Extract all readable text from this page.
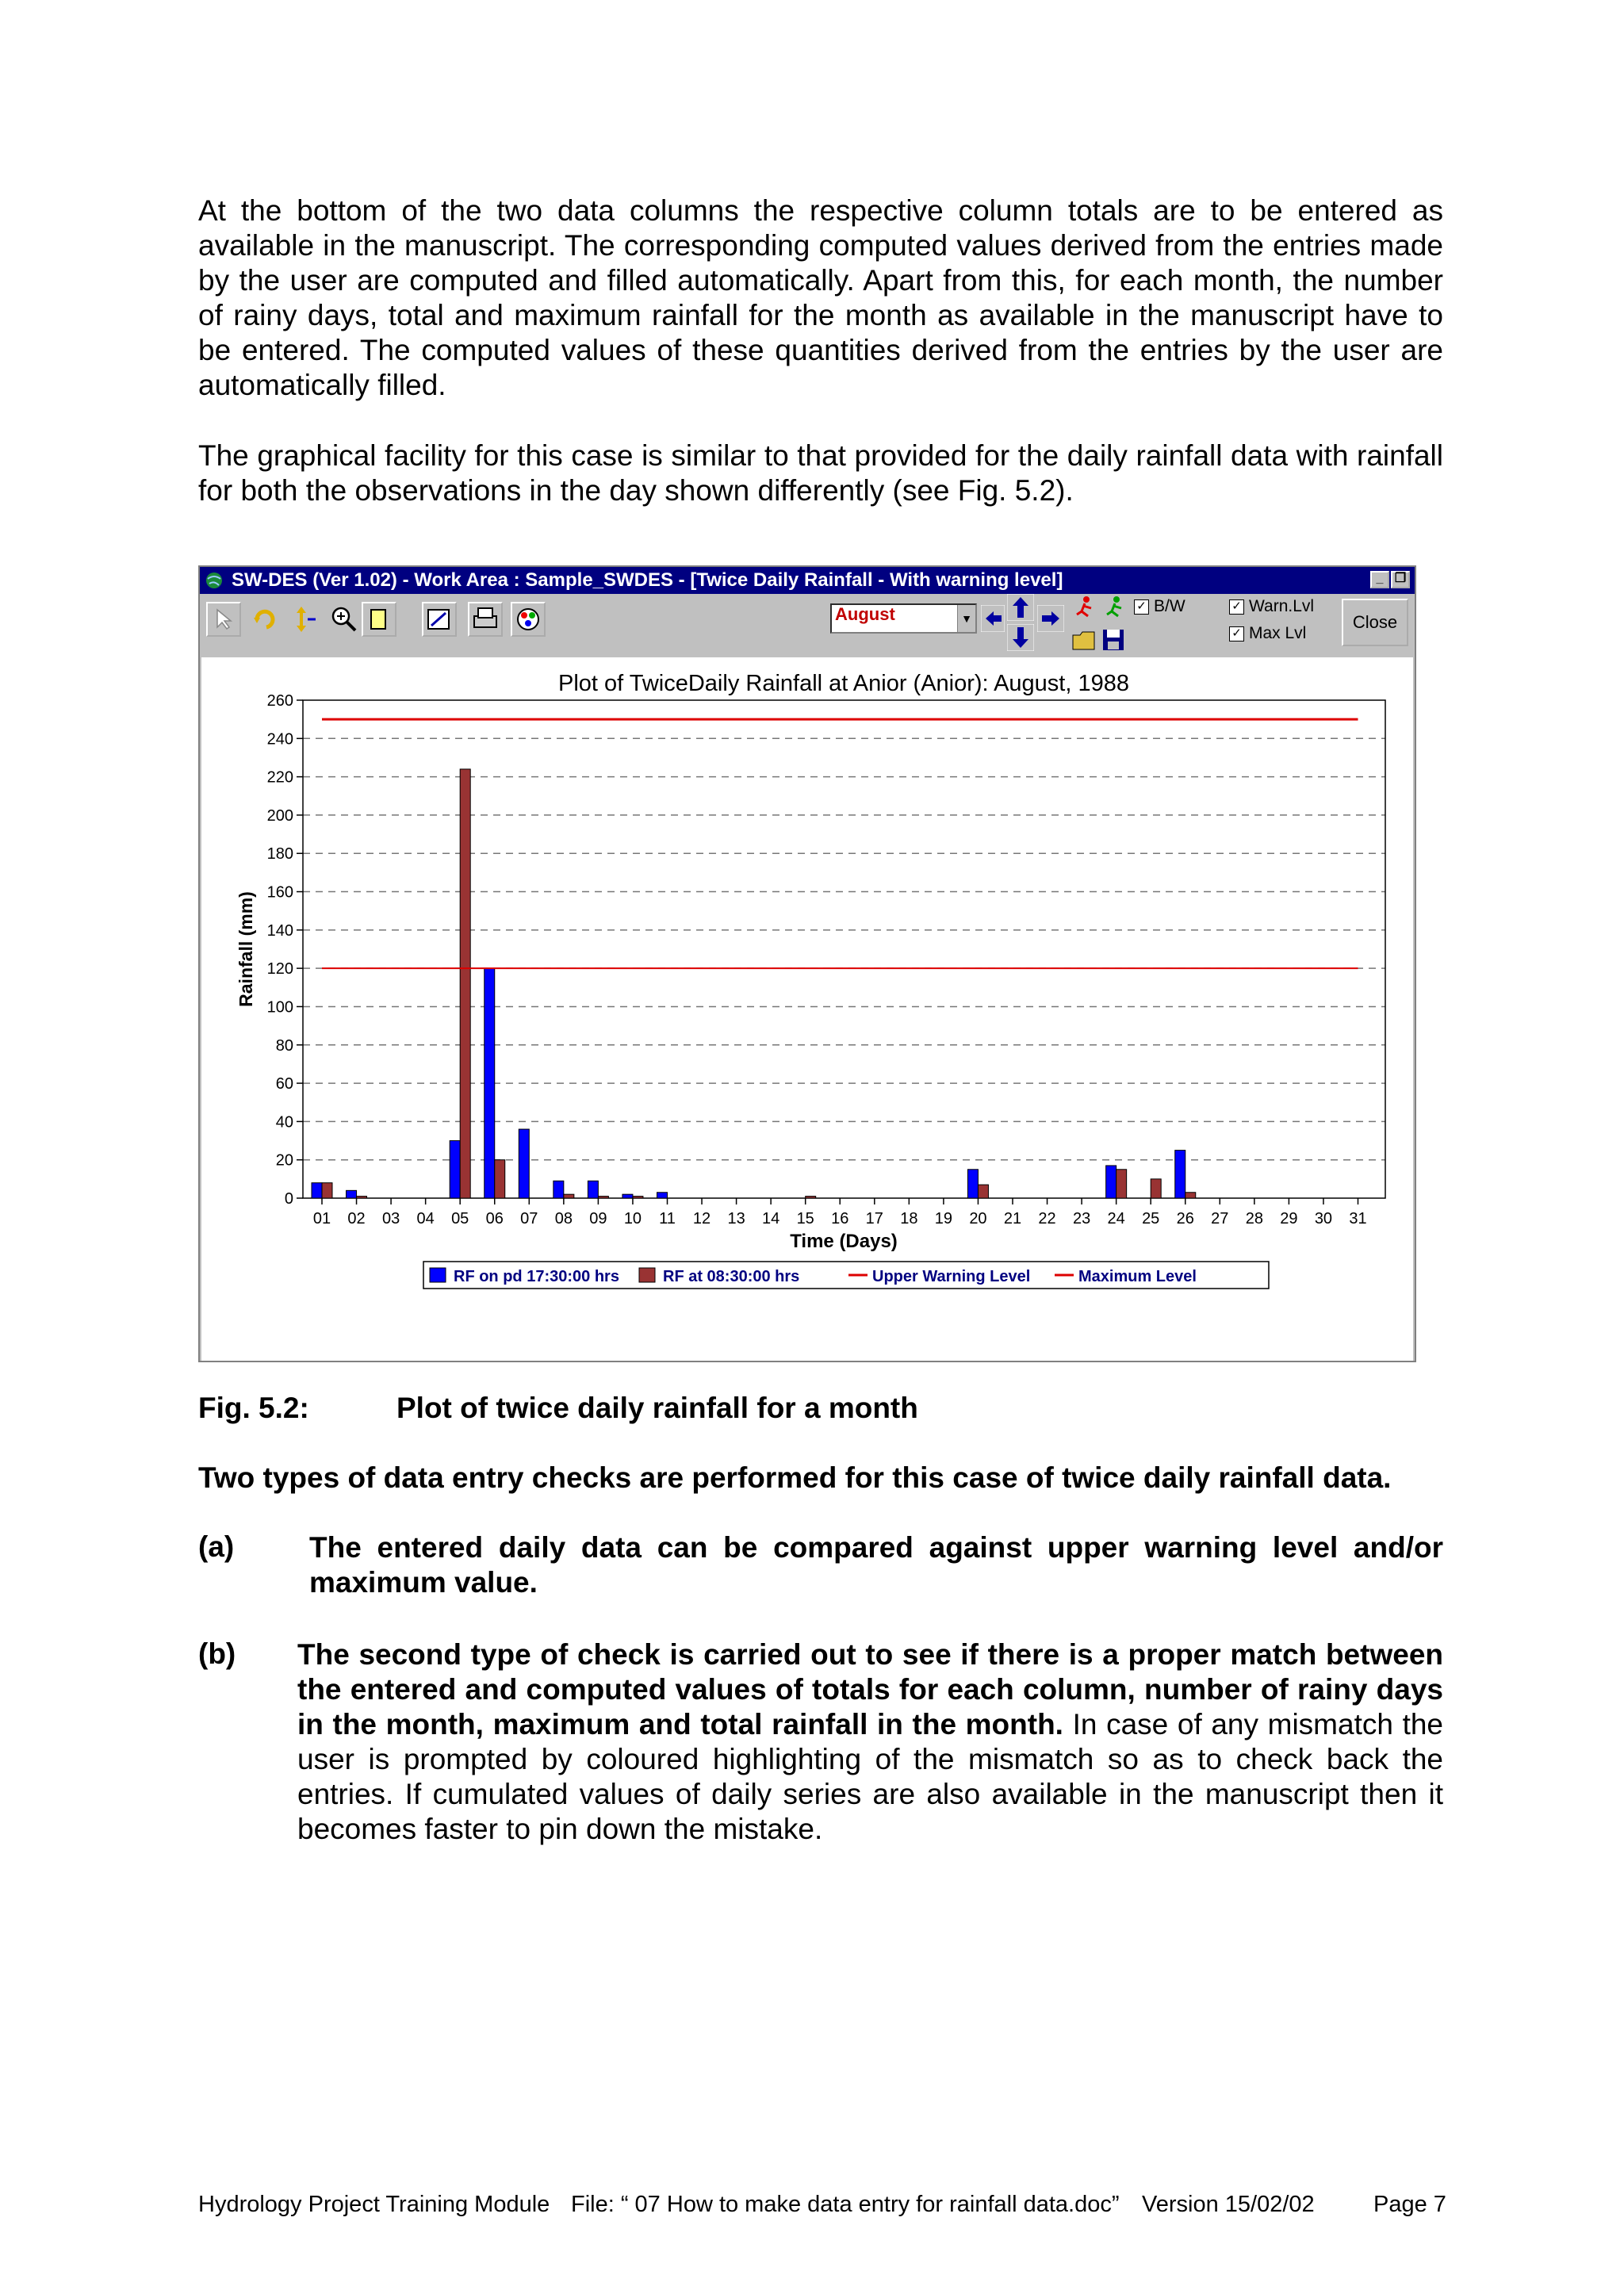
At the bottom of the two data columns the respective column totals are to be entered as available in the manuscript. The corresponding computed values derived from the entries made by the user are computed and filled automatically. Apart from this, for each month, the number of rainy days, total and maximum rainfall for the month as available in the manuscript have to be entered. The computed values of these quantities derived from the entries by the user are automatically filled.
The graphical facility for this case is similar to that provided for the daily rainfall data with rainfall for both the observations in the day shown differently (see Fig. 5.2).
SW-DES (Ver 1.02) - Work Area : Sample_SWDES - [Twice Daily Rainfall - With warning level]	_ ❐
August	▼
✓ B/W	✓ Warn.Lvl
✓ Max Lvl
Close
Plot of TwiceDaily Rainfall at Anior (Anior): August, 1988
0
20
40
60
80
100
120
140
160
180
200
220
240
260
Rainfall (mm)
01 02 03 04 05 06 07 08 09 10 11 12 13 14 15 16 17 18 19 20 21 22 23 24 25 26 27 28 29 30 31
Time (Days)
RF on pd 17:30:00 hrs	RF at 08:30:00 hrs	Upper Warning Level	Maximum Level
Fig. 5.2:	Plot of twice daily rainfall for a month
Two types of data entry checks are performed for this case of twice daily rainfall data.
(a)	The entered daily data can be compared against upper warning level and/or maximum value.
(b) The second type of check is carried out to see if there is a proper match between the entered and computed values of totals for each column, number of rainy days in the month, maximum and total rainfall in the month. In case of any mismatch the user is prompted by coloured highlighting of the mismatch so as to check back the entries. If cumulated values of daily series are also available in the manuscript then it becomes faster to pin down the mistake.
Hydrology Project Training Module File: “ 07 How to make data entry for rainfall data.doc” Version 15/02/02	Page 7
